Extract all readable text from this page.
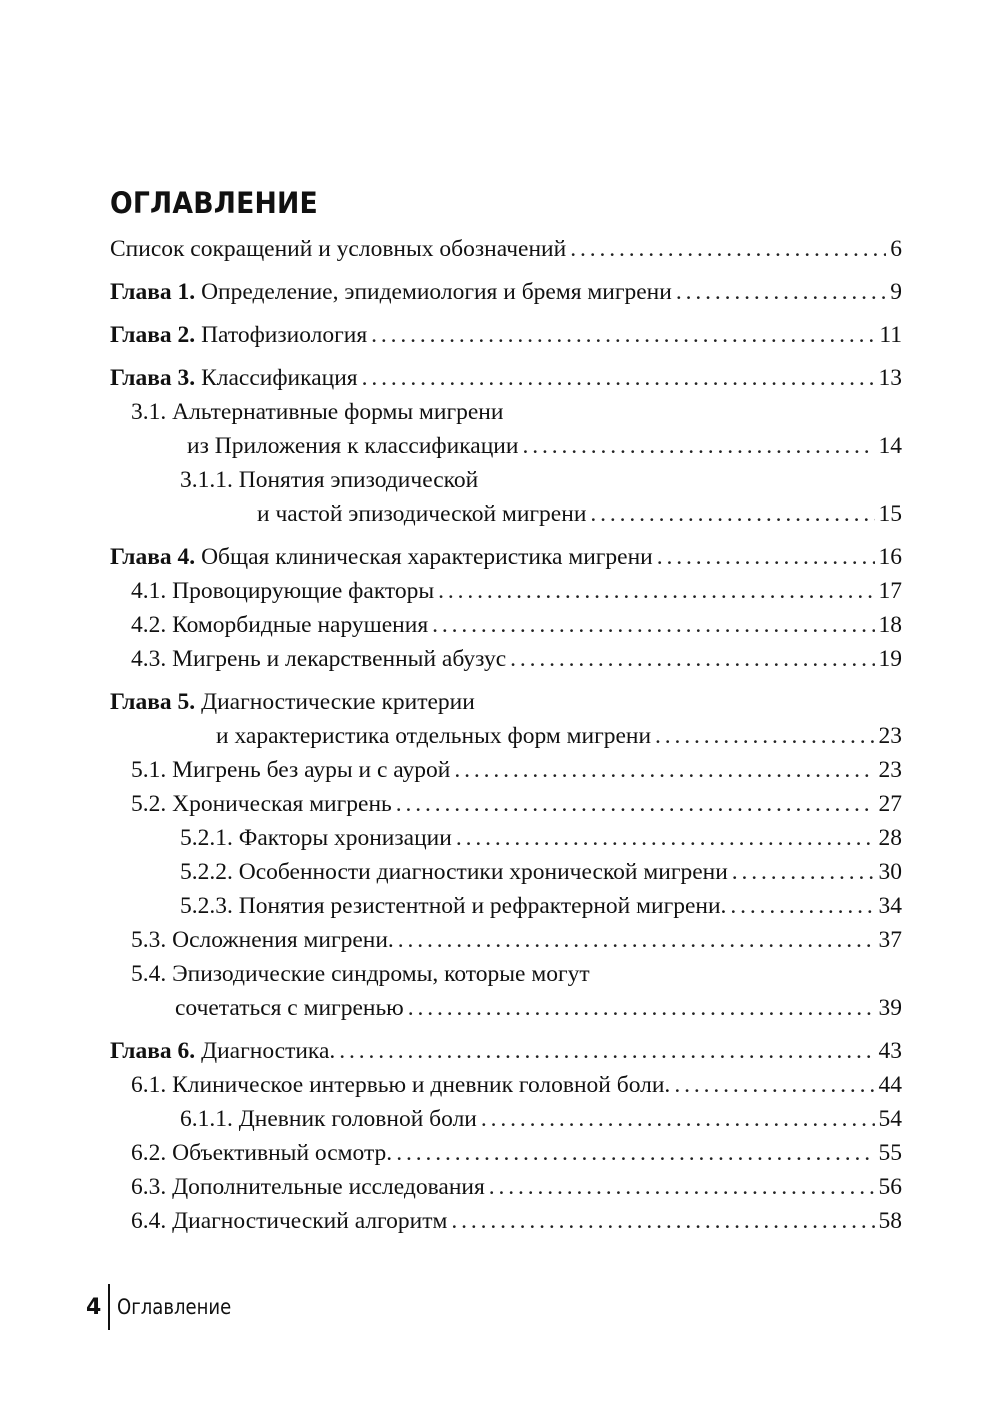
ОГЛАВЛЕНИЕ
Список сокращений и условных обозначений . . .	6
Глава 1. Определение, эпидемиология и бремя мигрени . . .	9
Глава 2. Патофизиология . . .	11
Глава 3. Классификация . . .	13
3.1. Альтернативные формы мигрени
из Приложения к классификации . . .	14
3.1.1. Понятия эпизодической
и частой эпизодической мигрени . . .	15
Глава 4. Общая клиническая характеристика мигрени . . .	16
4.1. Провоцирующие факторы . . .	17
4.2. Коморбидные нарушения . . .	18
4.3. Мигрень и лекарственный абузус . . .	19
Глава 5. Диагностические критерии
и характеристика отдельных форм мигрени . . .	23
5.1. Мигрень без ауры и с аурой . . .	23
5.2. Хроническая мигрень . . .	27
5.2.1. Факторы хронизации . . .	28
5.2.2. Особенности диагностики хронической мигрени . . .	30
5.2.3. Понятия резистентной и рефрактерной мигрени. . . .	34
5.3. Осложнения мигрени. . . .	37
5.4. Эпизодические синдромы, которые могут
сочетаться с мигренью . . .	39
Глава 6. Диагностика. . . .	43
6.1. Клиническое интервью и дневник головной боли. . . .	44
6.1.1. Дневник головной боли . . .	54
6.2. Объективный осмотр. . . .	55
6.3. Дополнительные исследования . . .	56
6.4. Диагностический алгоритм . . .	58
4 Оглавление
